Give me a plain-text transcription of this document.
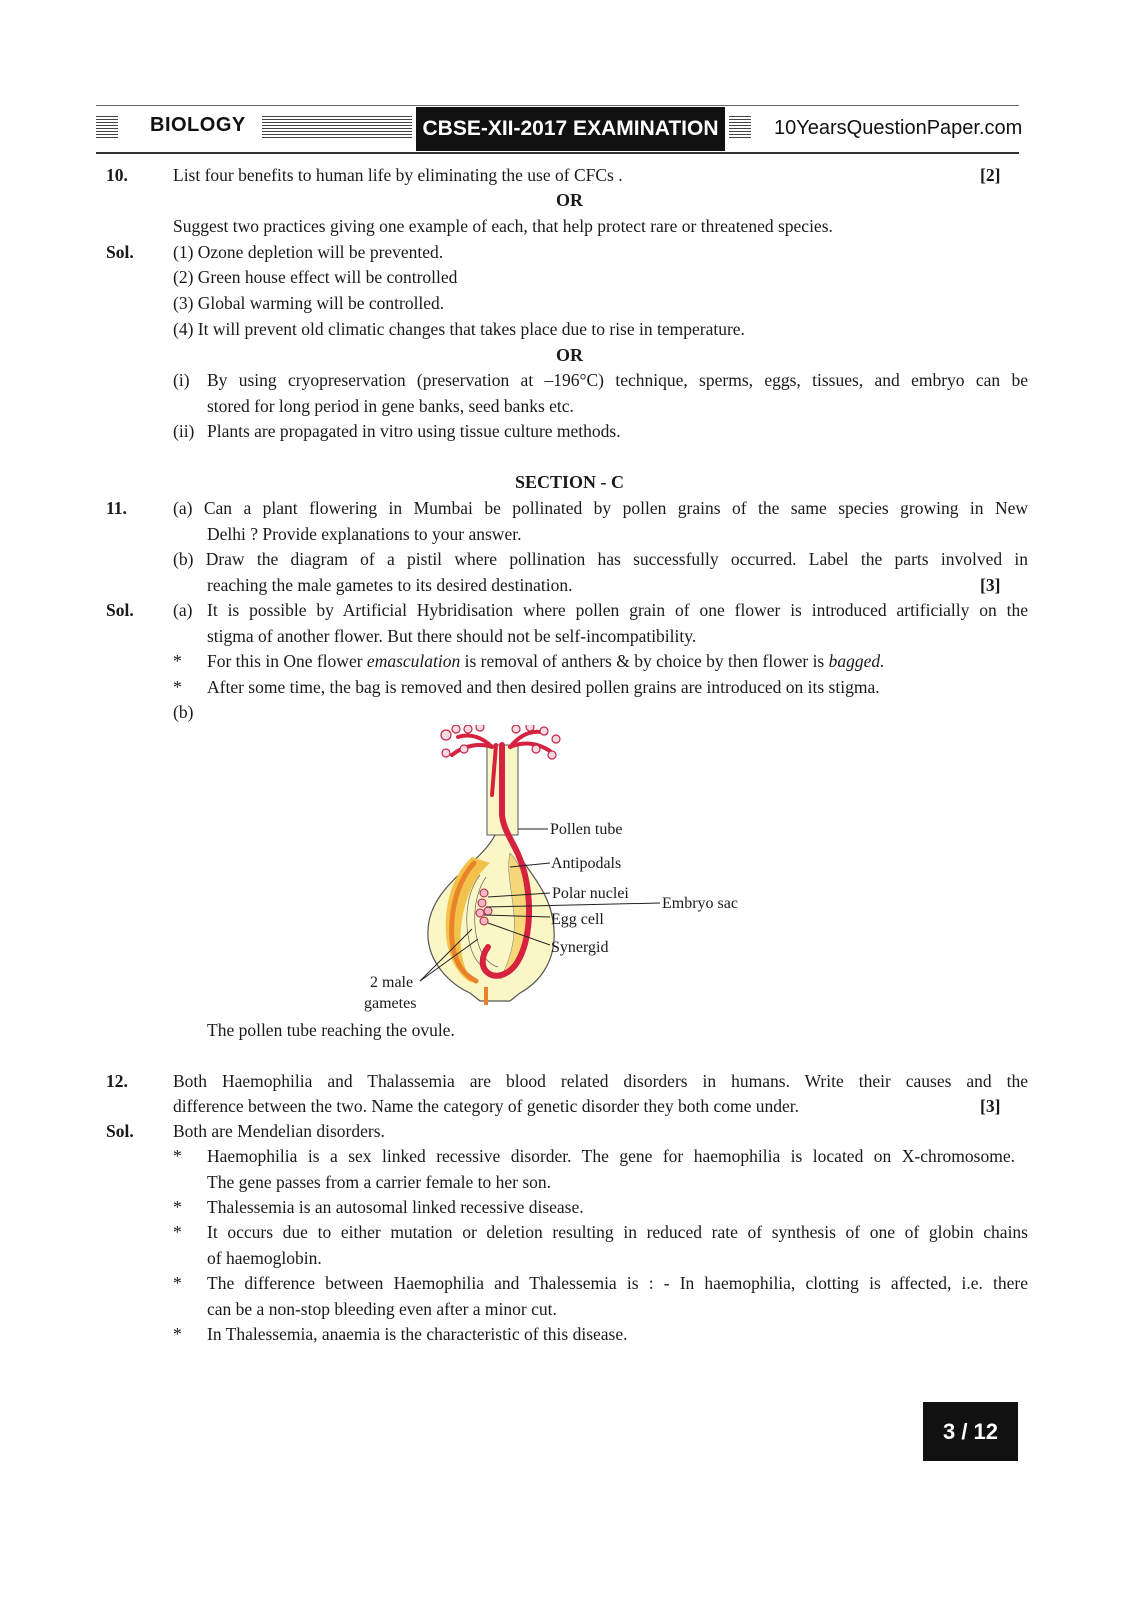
BIOLOGY	CBSE-XII-2017 EXAMINATION	10YearsQuestionPaper.com
10.	List four benefits to human life by eliminating the use of CFCs .	[2]
OR
Suggest two practices giving one example of each, that help protect rare or threatened species.
Sol. (1) Ozone depletion will be prevented.
(2) Green house effect will be controlled
(3) Global warming will be controlled.
(4) It will prevent old climatic changes that takes place due to rise in temperature.
OR
(i) By using cryopreservation (preservation at –196°C) technique, sperms, eggs, tissues, and embryo can be
stored for long period in gene banks, seed banks etc.
(ii) Plants are propagated in vitro using tissue culture methods.
SECTION - C
11.	(a) Can a plant flowering in Mumbai be pollinated by pollen grains of the same species growing in New
Delhi ? Provide explanations to your answer.
(b) Draw the diagram of a pistil where pollination has successfully occurred. Label the parts involved in
reaching the male gametes to its desired destination.	[3]
Sol. (a) It is possible by Artificial Hybridisation where pollen grain of one flower is introduced artificially on the
stigma of another flower. But there should not be self-incompatibility.
* For this in One flower emasculation is removal of anthers & by choice by then flower is bagged.
* After some time, the bag is removed and then desired pollen grains are introduced on its stigma.
(b)
Pollen tube
Antipodals
Polar nuclei
Embryo sac
Egg cell
Synergid
2 male
gametes
The pollen tube reaching the ovule.
12.	Both Haemophilia and Thalassemia are blood related disorders in humans. Write their causes and the
difference between the two. Name the category of genetic disorder they both come under.	[3]
Sol. Both are Mendelian disorders.
* Haemophilia is a sex linked recessive disorder. The gene for haemophilia is located on X-chromosome.
The gene passes from a carrier female to her son.
* Thalessemia is an autosomal linked recessive disease.
* It occurs due to either mutation or deletion resulting in reduced rate of synthesis of one of globin chains
of haemoglobin.
* The difference between Haemophilia and Thalessemia is : - In haemophilia, clotting is affected, i.e. there
can be a non-stop bleeding even after a minor cut.
* In Thalessemia, anaemia is the characteristic of this disease.
3 / 12
